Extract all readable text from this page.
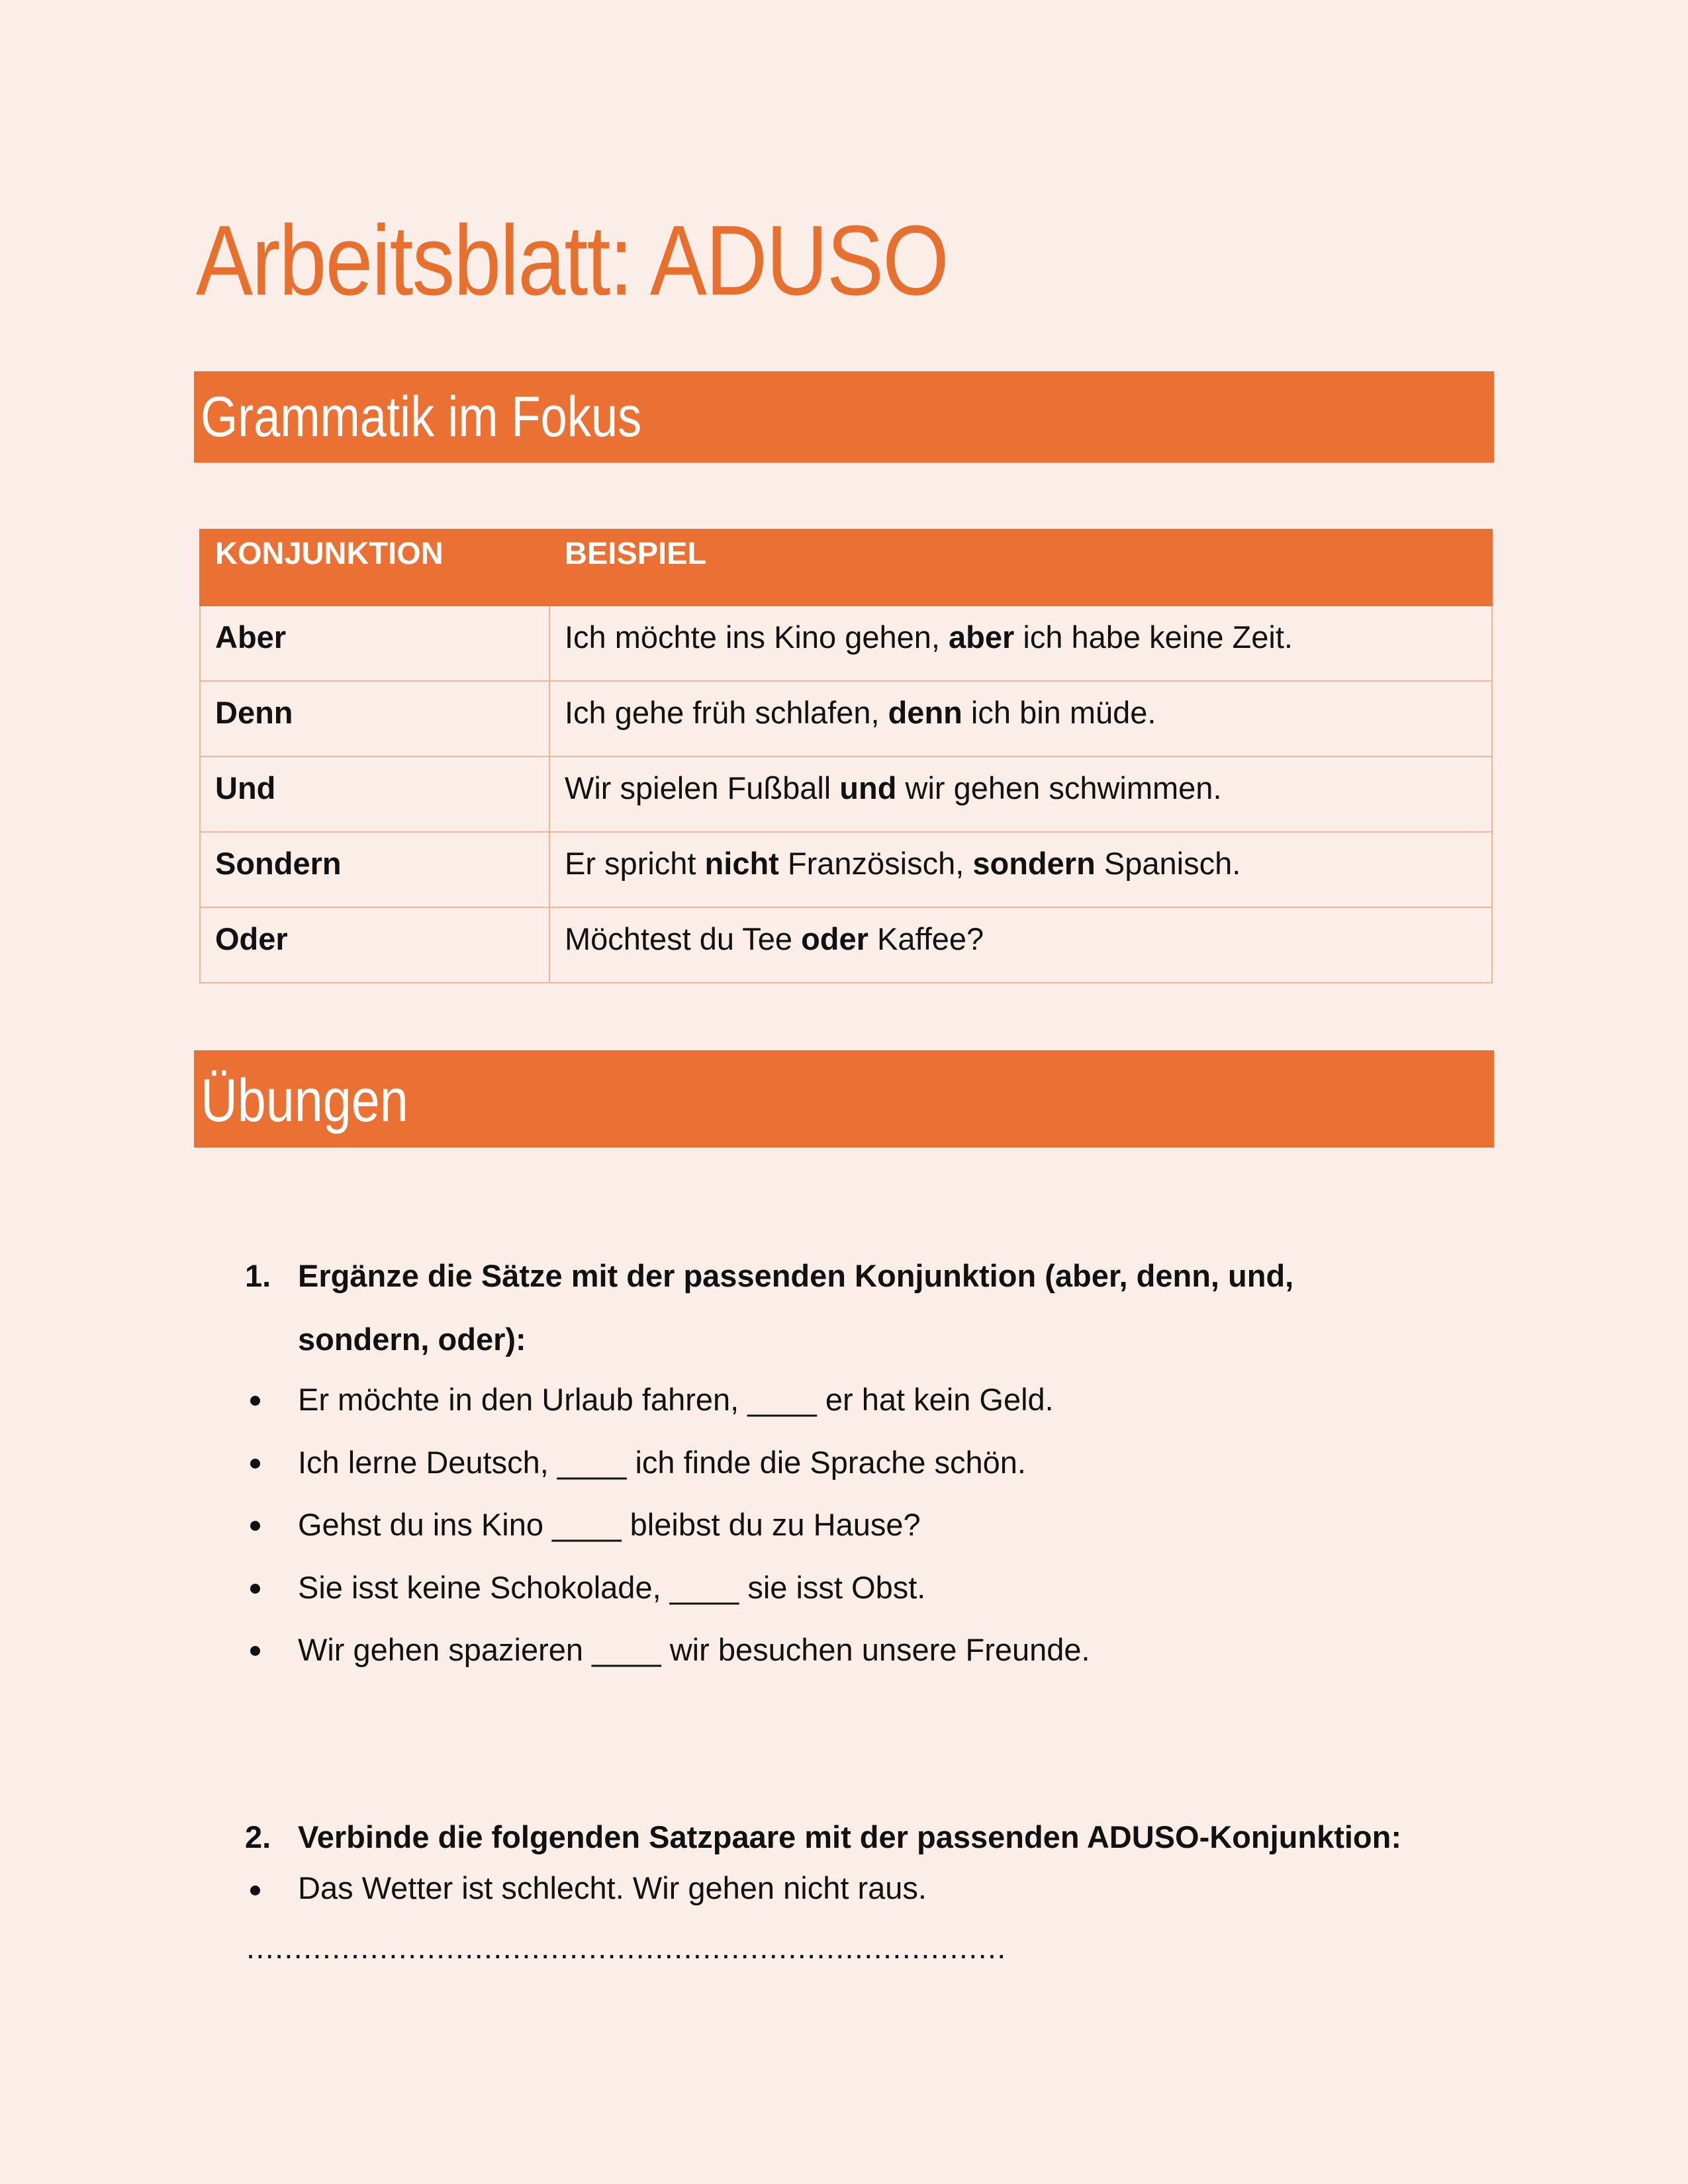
Arbeitsblatt: ADUSO
Grammatik im Fokus
KONJUNKTION	BEISPIEL
Aber	Ich möchte ins Kino gehen, aber ich habe keine Zeit.
Denn	Ich gehe früh schlafen, denn ich bin müde.
Und	Wir spielen Fußball und wir gehen schwimmen.
Sondern	Er spricht nicht Französisch, sondern Spanisch.
Oder	Möchtest du Tee oder Kaffee?
Übungen
1. Ergänze die Sätze mit der passenden Konjunktion (aber, denn, und,
sondern, oder):
Er möchte in den Urlaub fahren, ____ er hat kein Geld.
Ich lerne Deutsch, ____ ich finde die Sprache schön.
Gehst du ins Kino ____ bleibst du zu Hause?
Sie isst keine Schokolade, ____ sie isst Obst.
Wir gehen spazieren ____ wir besuchen unsere Freunde.
2. Verbinde die folgenden Satzpaare mit der passenden ADUSO-Konjunktion:
Das Wetter ist schlecht. Wir gehen nicht raus.
................................................................................
